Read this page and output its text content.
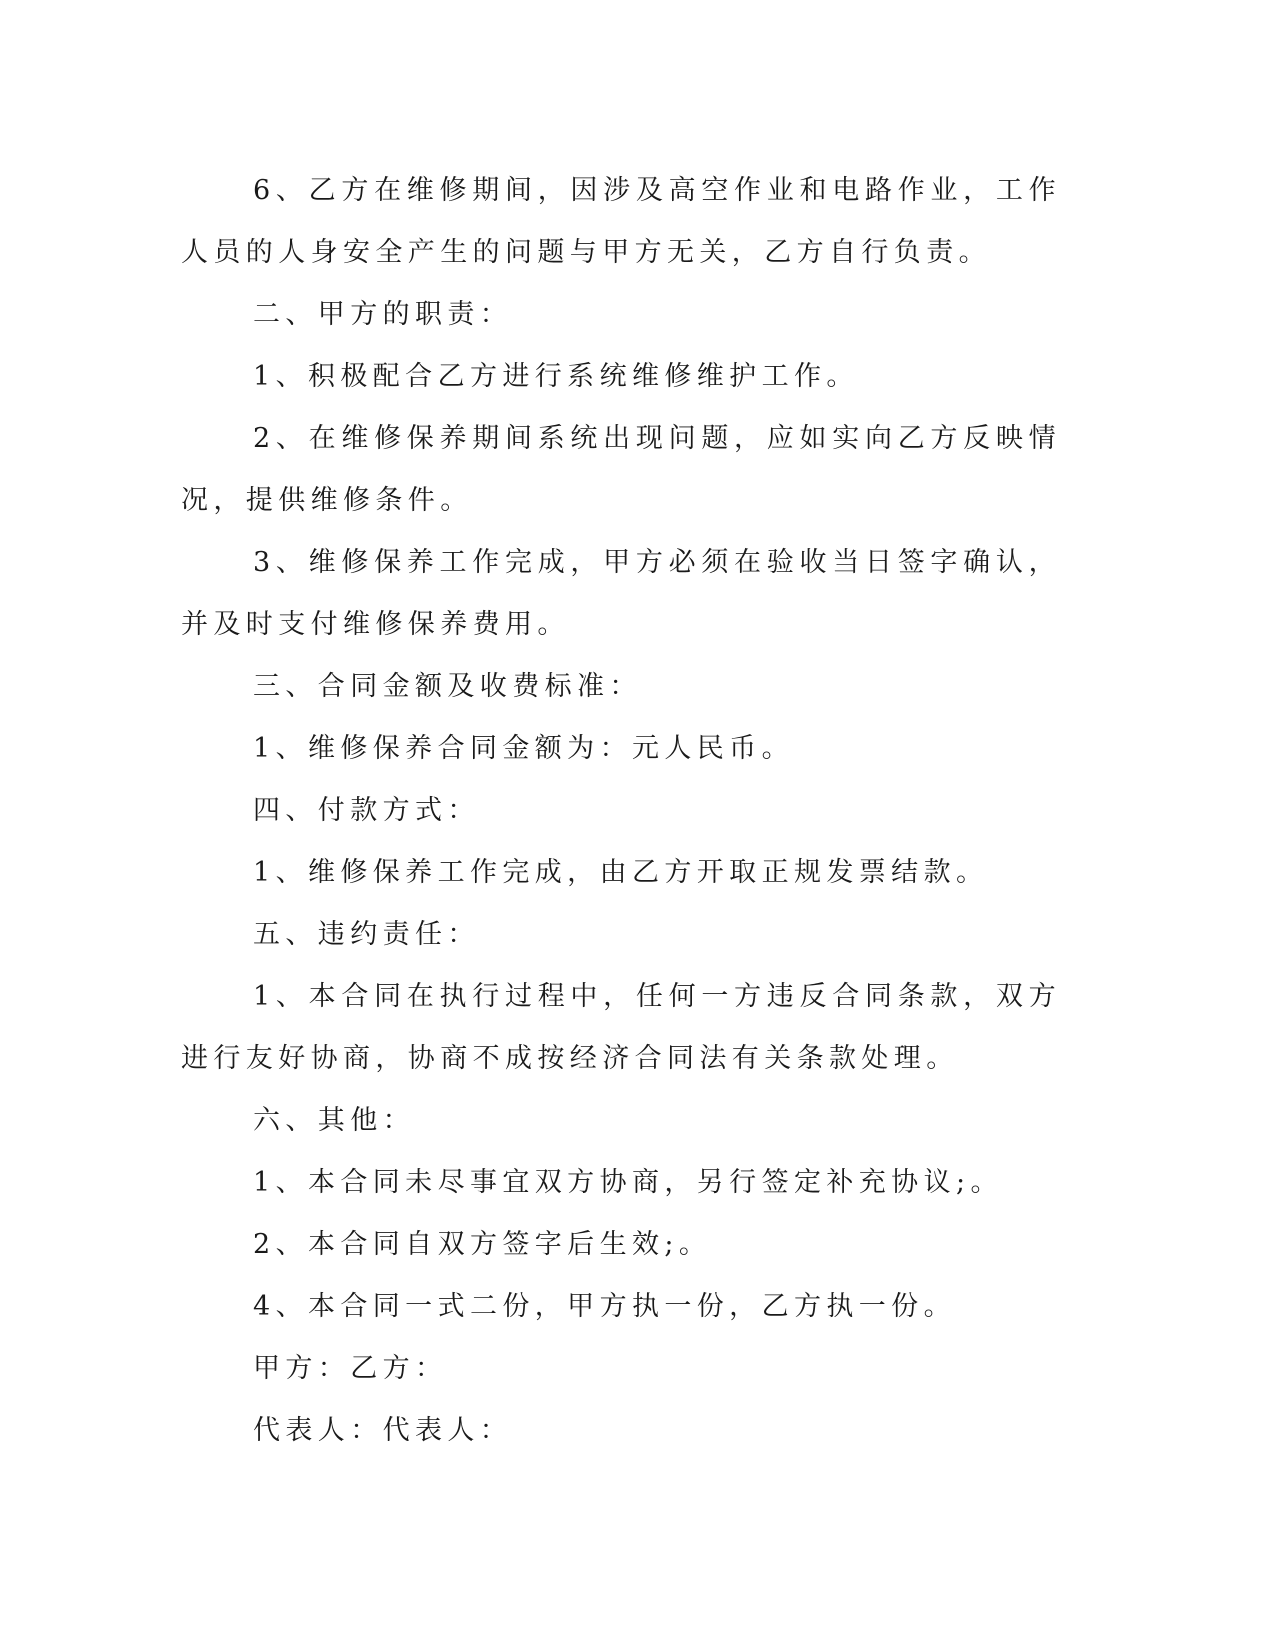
6、乙方在维修期间，因涉及高空作业和电路作业，工作人员的人身安全产生的问题与甲方无关，乙方自行负责。

二、甲方的职责：

1、积极配合乙方进行系统维修维护工作。

2、在维修保养期间系统出现问题，应如实向乙方反映情况，提供维修条件。

3、维修保养工作完成，甲方必须在验收当日签字确认，并及时支付维修保养费用。

三、合同金额及收费标准：

1、维修保养合同金额为：元人民币。

四、付款方式：

1、维修保养工作完成，由乙方开取正规发票结款。

五、违约责任：

1、本合同在执行过程中，任何一方违反合同条款，双方进行友好协商，协商不成按经济合同法有关条款处理。

六、其他：

1、本合同未尽事宜双方协商，另行签定补充协议;。

2、本合同自双方签字后生效;。

4、本合同一式二份，甲方执一份，乙方执一份。

甲方：乙方：

代表人：代表人：
